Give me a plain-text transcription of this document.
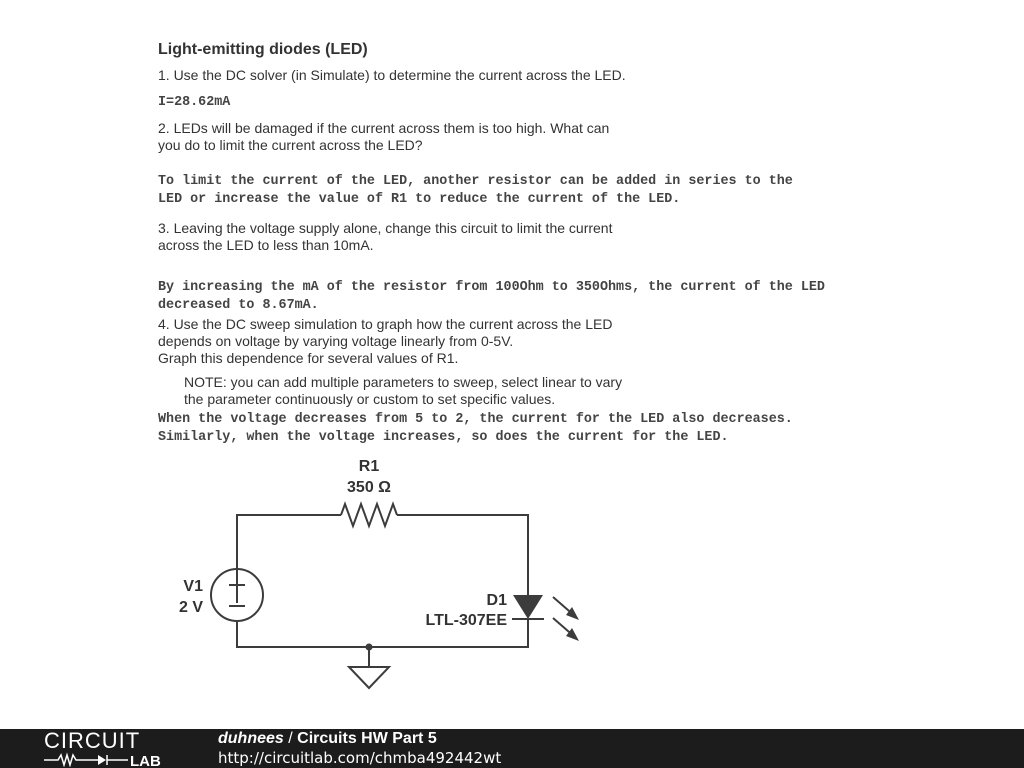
Light-emitting diodes (LED)

1. Use the DC solver (in Simulate) to determine the current across the LED.

I=28.62mA

2. LEDs will be damaged if the current across them is too high. What can
you do to limit the current across the LED?

To limit the current of the LED, another resistor can be added in series to the
LED or increase the value of R1 to reduce the current of the LED.

3. Leaving the voltage supply alone, change this circuit to limit the current
across the LED to less than 10mA.

By increasing the mA of the resistor from 100Ohm to 350Ohms, the current of the LED
decreased to 8.67mA.

4. Use the DC sweep simulation to graph how the current across the LED
depends on voltage by varying voltage linearly from 0-5V.
Graph this dependence for several values of R1.

NOTE: you can add multiple parameters to sweep, select linear to vary
the parameter continuously or custom to set specific values.

When the voltage decreases from 5 to 2, the current for the LED also decreases.
Similarly, when the voltage increases, so does the current for the LED.

R1
350 Ω
V1
2 V	D1
LTL-307EE
CIRCUIT
LAB
duhnees / Circuits HW Part 5
http://circuitlab.com/chmba492442wt
